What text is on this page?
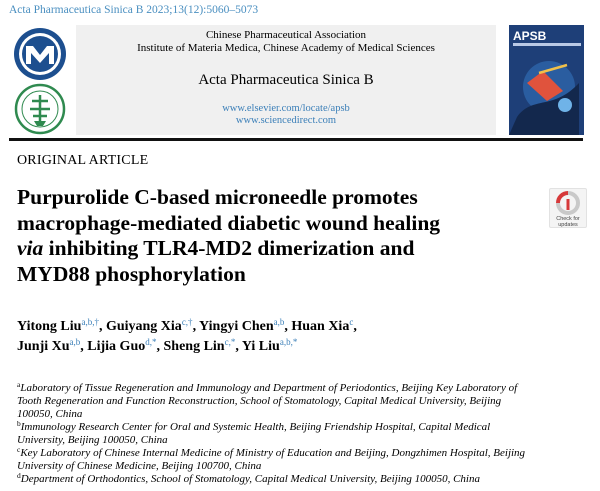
Acta Pharmaceutica Sinica B 2023;13(12):5060–5073
Chinese Pharmaceutical Association
Institute of Materia Medica, Chinese Academy of Medical Sciences
Acta Pharmaceutica Sinica B
www.elsevier.com/locate/apsb
www.sciencedirect.com
APSB
ORIGINAL ARTICLE
Purpurolide C-based microneedle promotes
macrophage-mediated diabetic wound healing
via inhibiting TLR4-MD2 dimerization and
MYD88 phosphorylation
Check for
updates
Yitong Liu$^{a,b,\dagger}$, Guiyang Xia$^{c,\dagger}$, Yingyi Chen$^{a,b}$, Huan Xia$^c$,
Junji Xu$^{a,b}$, Lijia Guo$^{d,*}$, Sheng Lin$^{c,*}$, Yi Liu$^{a,b,*}$
$^a$Laboratory of Tissue Regeneration and Immunology and Department of Periodontics, Beijing Key Laboratory of
Tooth Regeneration and Function Reconstruction, School of Stomatology, Capital Medical University, Beijing
100050, China
$^b$Immunology Research Center for Oral and Systemic Health, Beijing Friendship Hospital, Capital Medical
University, Beijing 100050, China
$^c$Key Laboratory of Chinese Internal Medicine of Ministry of Education and Beijing, Dongzhimen Hospital, Beijing
University of Chinese Medicine, Beijing 100700, China
$^d$Department of Orthodontics, School of Stomatology, Capital Medical University, Beijing 100050, China
